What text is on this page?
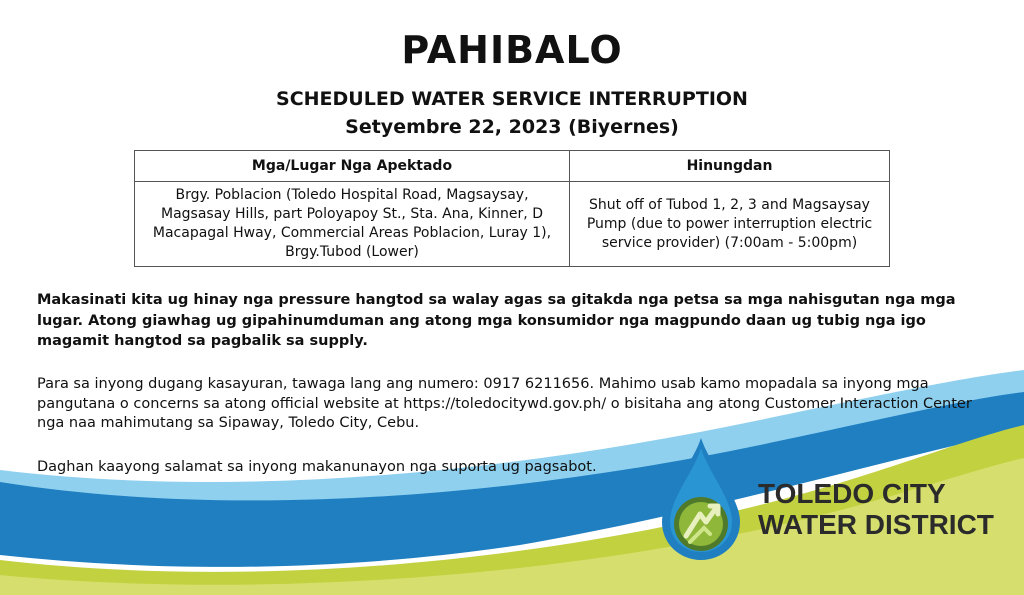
PAHIBALO

SCHEDULED WATER SERVICE INTERRUPTION

Setyembre 22, 2023 (Biyernes)

Mga/Lugar Nga Apektado	Hinungdan
Brgy. Poblacion (Toledo Hospital Road, Magsaysay, Magsasay Hills, part Poloyapoy St., Sta. Ana, Kinner, D Macapagal Hway, Commercial Areas Poblacion, Luray 1), Brgy.Tubod (Lower)	Shut off of Tubod 1, 2, 3 and Magsaysay Pump (due to power interruption electric service provider) (7:00am - 5:00pm)

Makasinati kita ug hinay nga pressure hangtod sa walay agas sa gitakda nga petsa sa mga nahisgutan nga mga lugar. Atong giawhag ug gipahinumduman ang atong mga konsumidor nga magpundo daan ug tubig nga igo magamit hangtod sa pagbalik sa supply.

Para sa inyong dugang kasayuran, tawaga lang ang numero: 0917 6211656. Mahimo usab kamo mopadala sa inyong mga pangutana o concerns sa atong official website at https://toledocitywd.gov.ph/ o bisitaha ang atong Customer Interaction Center nga naa mahimutang sa Sipaway, Toledo City, Cebu.

Daghan kaayong salamat sa inyong makanunayon nga suporta ug pagsabot.

TOLEDO CITY
WATER DISTRICT
